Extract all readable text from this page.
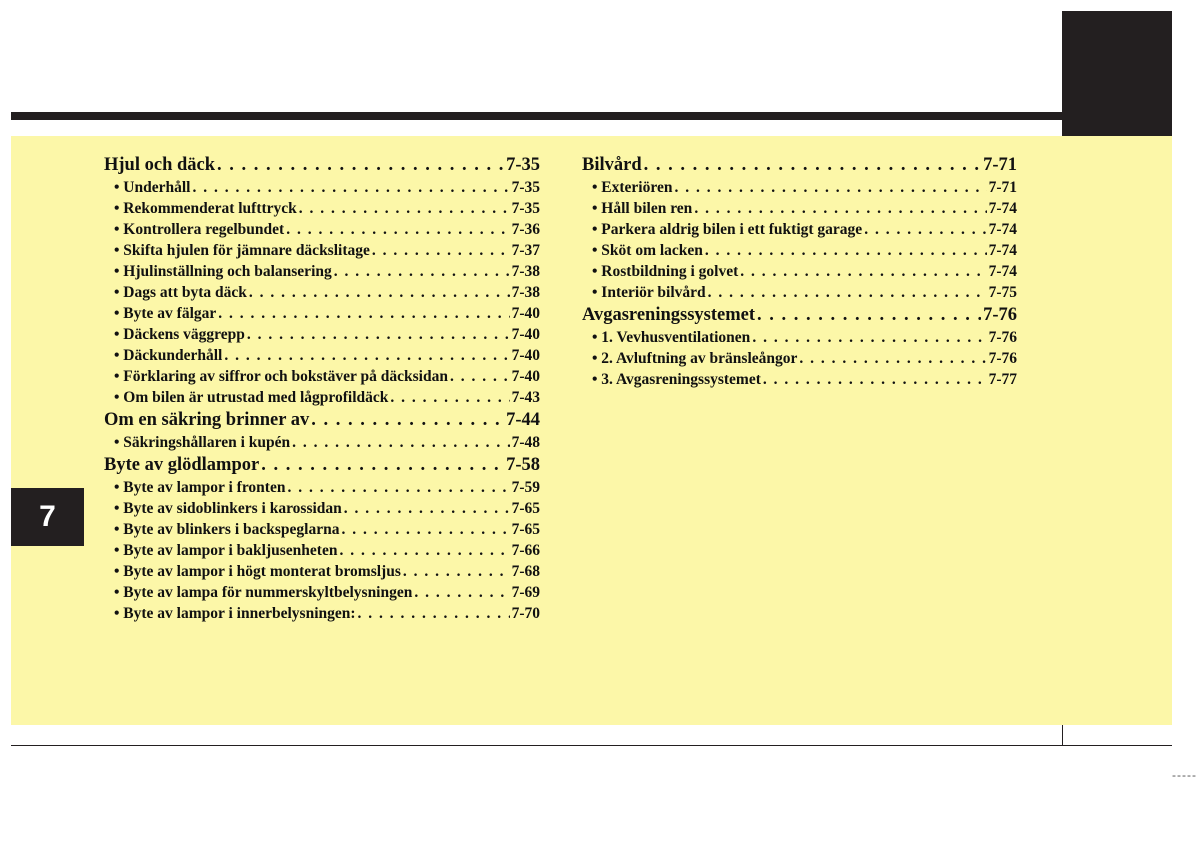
7
-----
Hjul och däck . . .	7-35
• Underhåll . . .	7-35
• Rekommenderat lufttryck . . .	7-35
• Kontrollera regelbundet . . .	7-36
• Skifta hjulen för jämnare däckslitage . . .	7-37
• Hjulinställning och balansering . . .	7-38
• Dags att byta däck . . .	7-38
• Byte av fälgar . . .	7-40
• Däckens väggrepp . . .	7-40
• Däckunderhåll . . .	7-40
• Förklaring av siffror och bokstäver på däcksidan . . .	7-40
• Om bilen är utrustad med lågprofildäck . . .	7-43
Om en säkring brinner av . . .	7-44
• Säkringshållaren i kupén . . .	7-48
Byte av glödlampor . . .	7-58
• Byte av lampor i fronten . . .	7-59
• Byte av sidoblinkers i karossidan . . .	7-65
• Byte av blinkers i backspeglarna . . .	7-65
• Byte av lampor i bakljusenheten . . .	7-66
• Byte av lampor i högt monterat bromsljus . . .	7-68
• Byte av lampa för nummerskyltbelysningen . . .	7-69
• Byte av lampor i innerbelysningen: . . .	7-70
Bilvård . . .	7-71
• Exteriören . . .	7-71
• Håll bilen ren . . .	7-74
• Parkera aldrig bilen i ett fuktigt garage . . .	7-74
• Sköt om lacken . . .	7-74
• Rostbildning i golvet . . .	7-74
• Interiör bilvård . . .	7-75
Avgasreningssystemet . . .	7-76
• 1. Vevhusventilationen . . .	7-76
• 2. Avluftning av bränsleångor . . .	7-76
• 3. Avgasreningssystemet . . .	7-77
